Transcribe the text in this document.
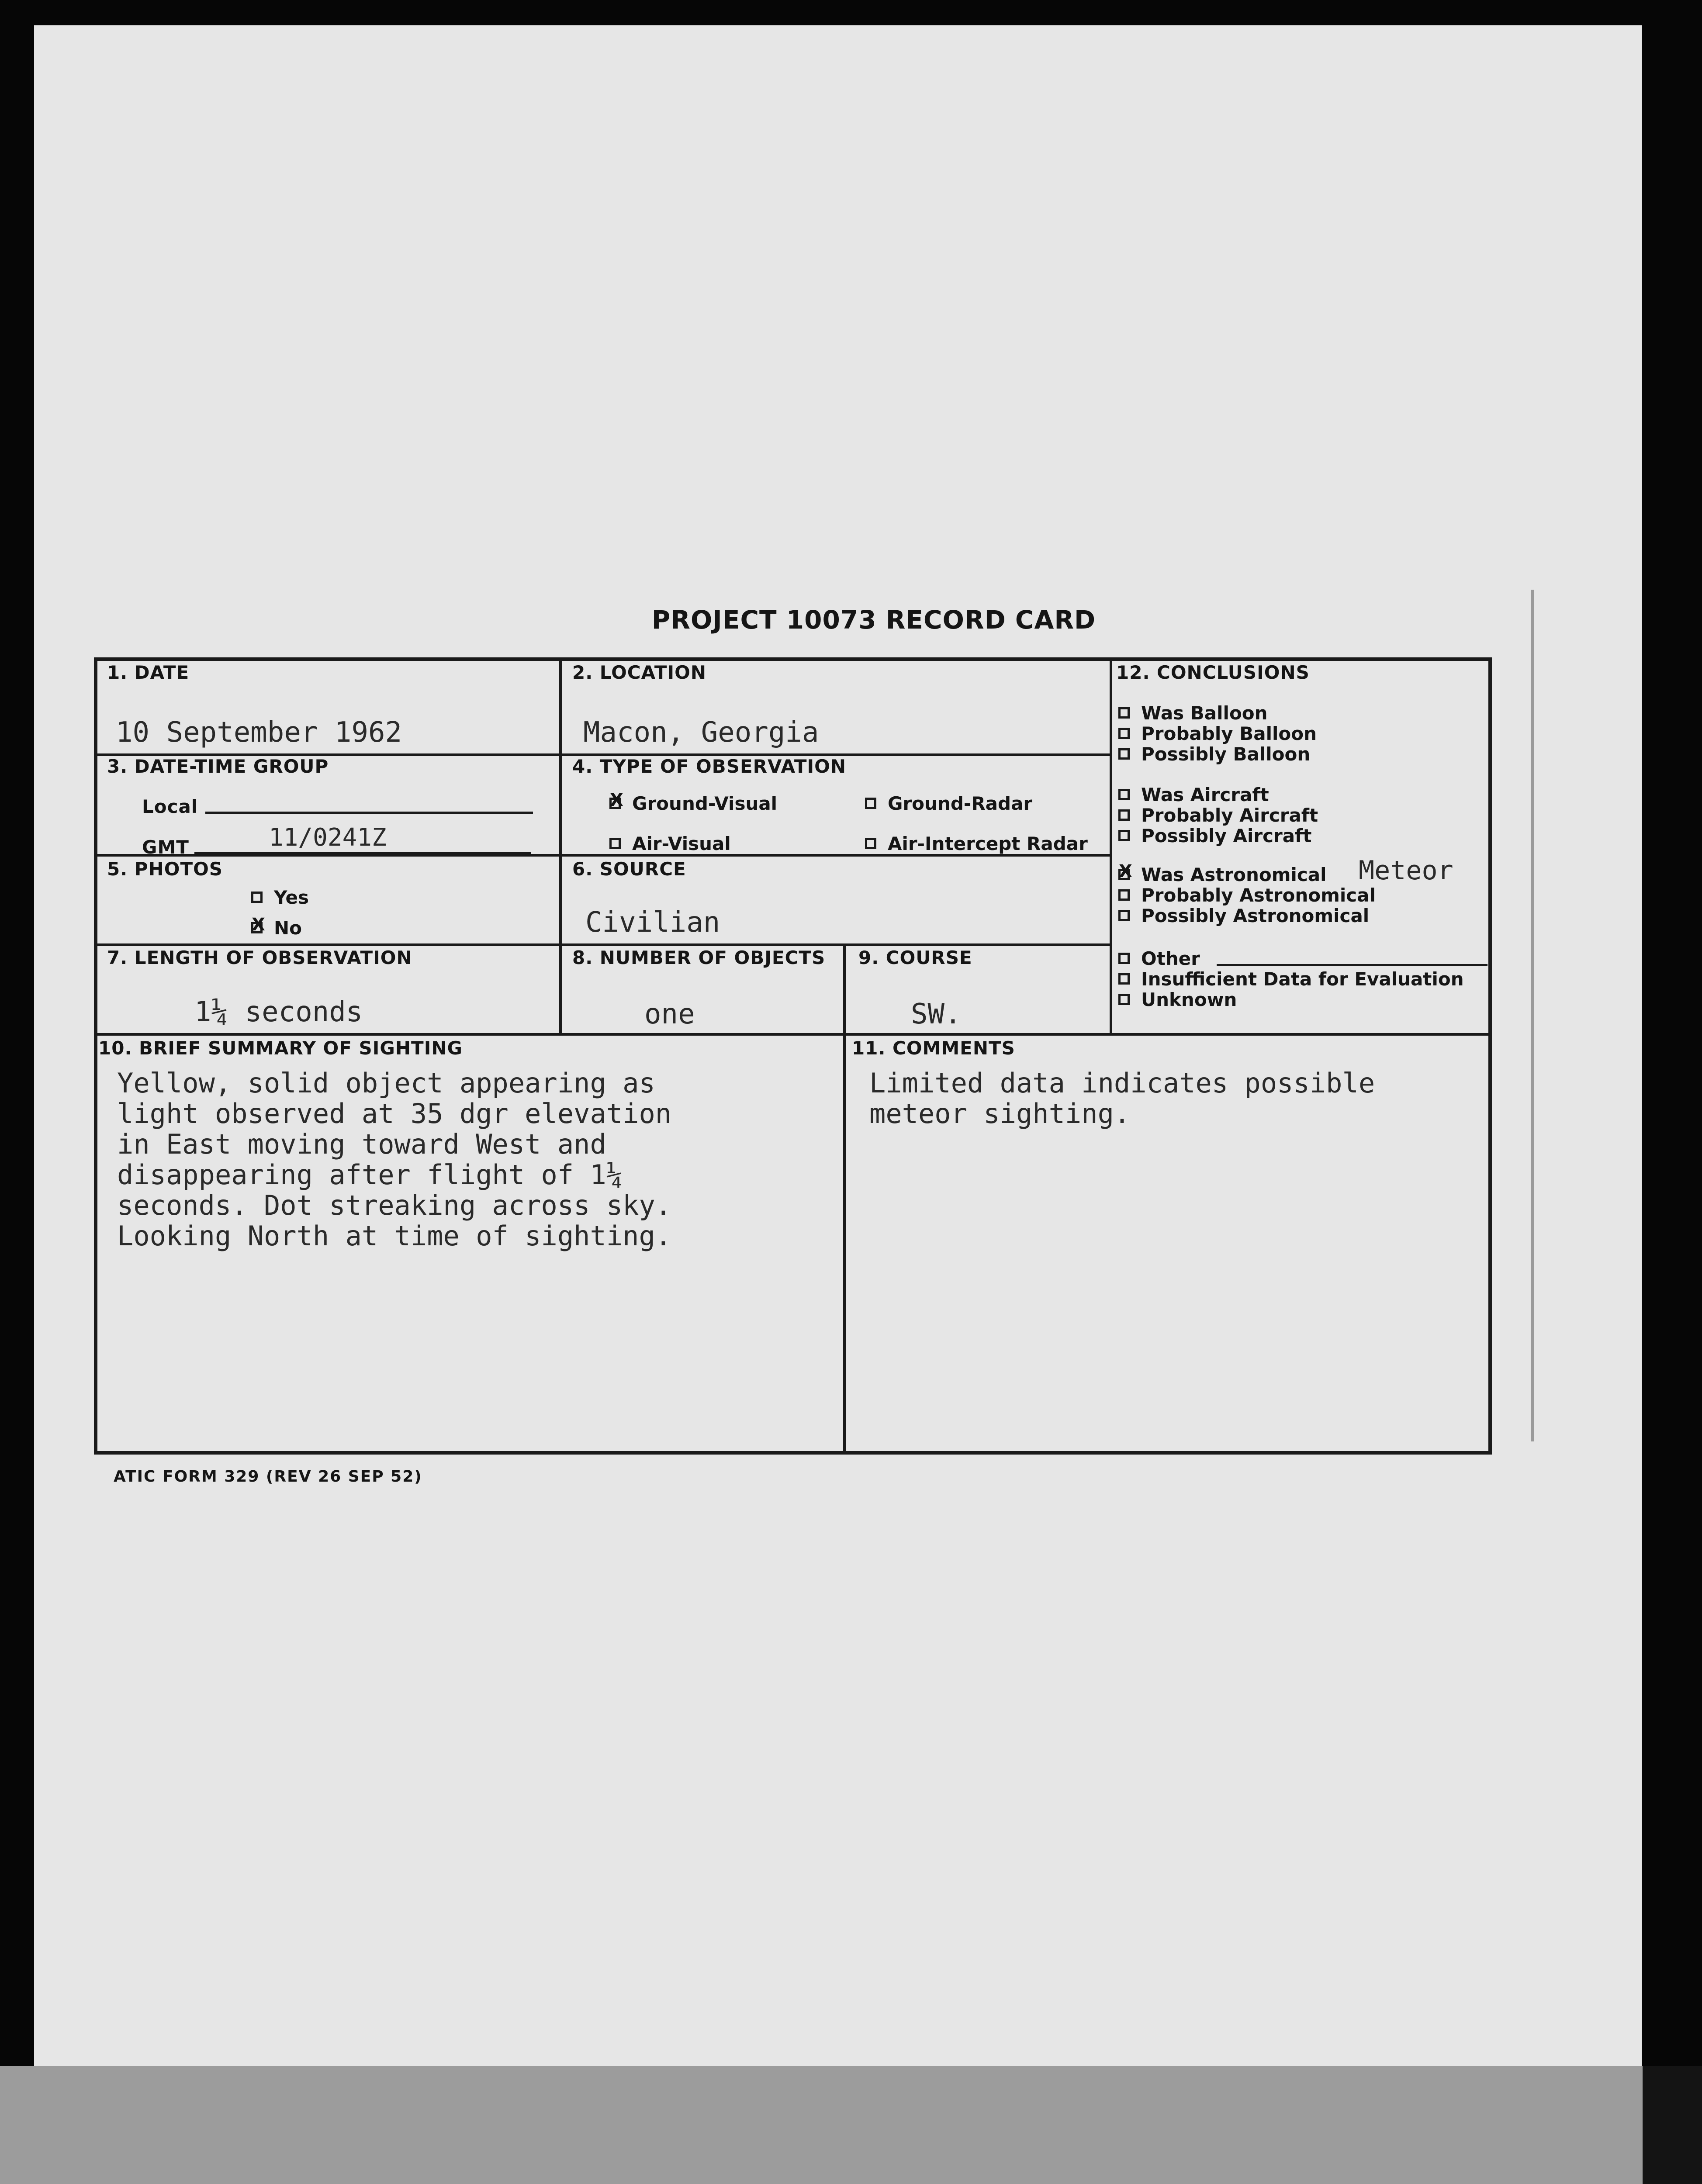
PROJECT 10073 RECORD CARD
1. DATE
10 September 1962
2. LOCATION
Macon, Georgia
3. DATE-TIME GROUP
Local
GMT	11/0241Z
4. TYPE OF OBSERVATION
XGround-Visual	Ground-Radar
Air-Visual	Air-Intercept Radar
5. PHOTOS
Yes
XNo
6. SOURCE
Civilian
7. LENGTH OF OBSERVATION
1¼ seconds
8. NUMBER OF OBJECTS
one
9. COURSE
SW.
10. BRIEF SUMMARY OF SIGHTING
Yellow, solid object appearing as
light observed at 35 dgr elevation
in East moving toward West and
disappearing after flight of 1¼
seconds. Dot streaking across sky.
Looking North at time of sighting.
11. COMMENTS
Limited data indicates possible
meteor sighting.
12. CONCLUSIONS
Was Balloon
Probably Balloon
Possibly Balloon
Was Aircraft
Probably Aircraft
Possibly Aircraft
XWas Astronomical Meteor
Probably Astronomical
Possibly Astronomical
Other
Insufficient Data for Evaluation
Unknown
ATIC FORM 329 (REV 26 SEP 52)
